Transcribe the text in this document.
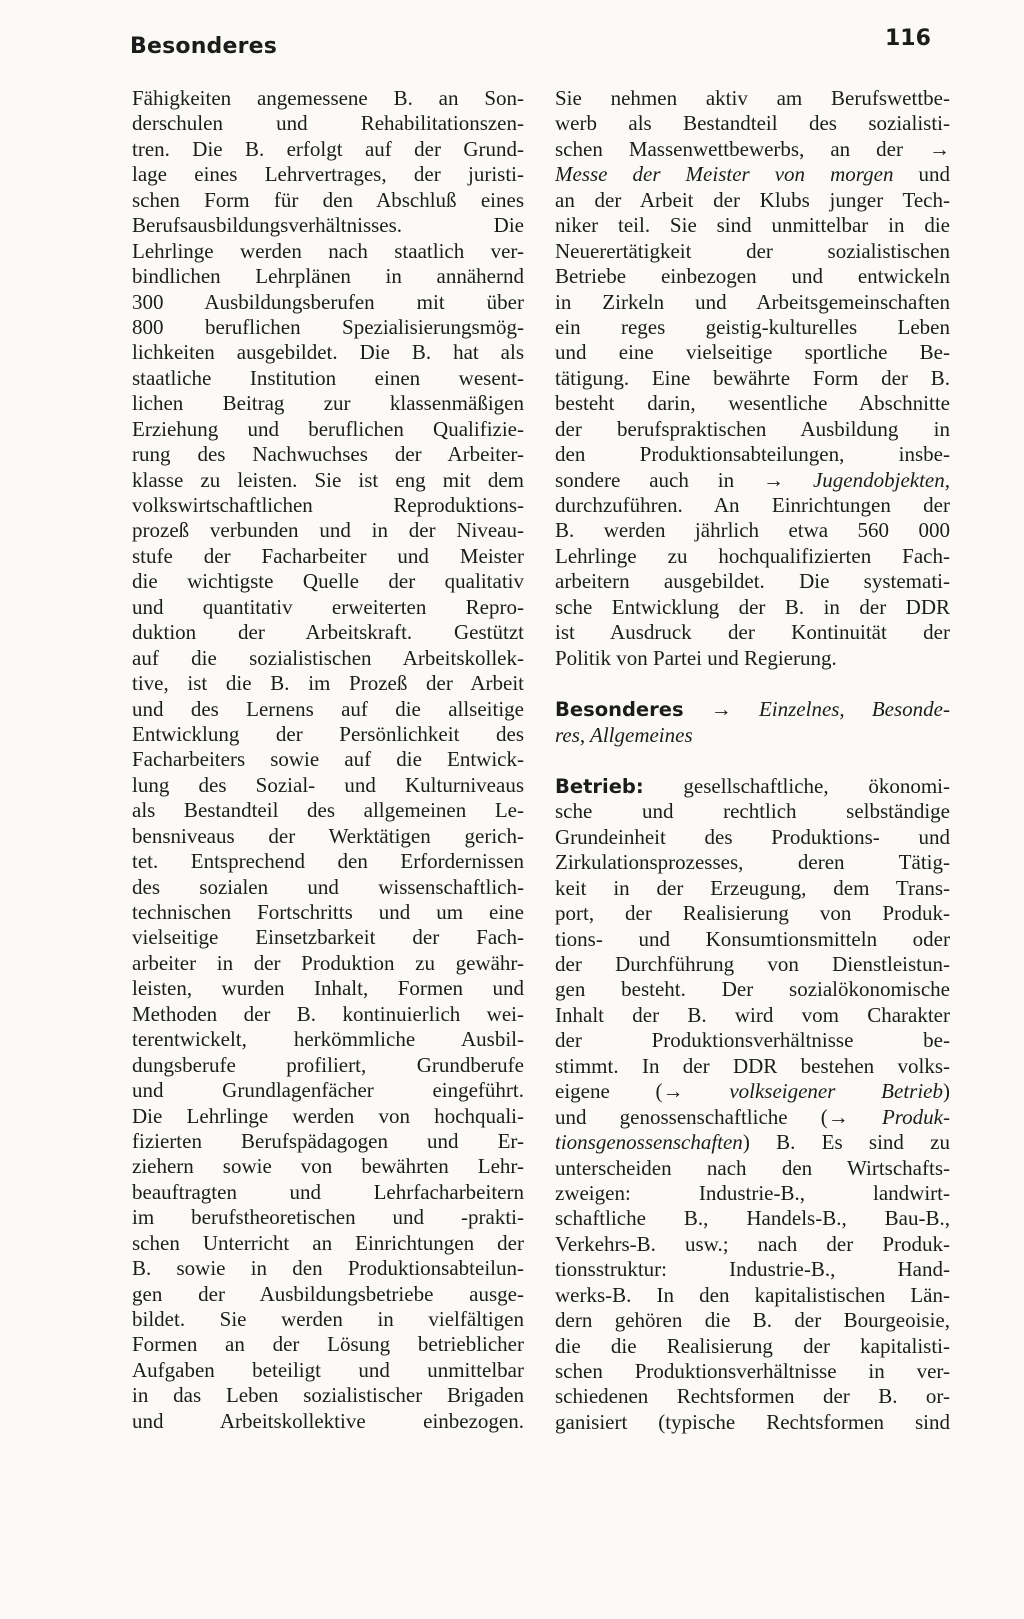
Besonderes	116
Fähigkeiten angemessene B. an Son-
derschulen und Rehabilitationszen-
tren. Die B. erfolgt auf der Grund-
lage eines Lehrvertrages, der juristi-
schen Form für den Abschluß eines
Berufsausbildungsverhältnisses. Die
Lehrlinge werden nach staatlich ver-
bindlichen Lehrplänen in annähernd
300 Ausbildungsberufen mit über
800 beruflichen Spezialisierungsmög-
lichkeiten ausgebildet. Die B. hat als
staatliche Institution einen wesent-
lichen Beitrag zur klassenmäßigen
Erziehung und beruflichen Qualifizie-
rung des Nachwuchses der Arbeiter-
klasse zu leisten. Sie ist eng mit dem
volkswirtschaftlichen Reproduktions-
prozeß verbunden und in der Niveau-
stufe der Facharbeiter und Meister
die wichtigste Quelle der qualitativ
und quantitativ erweiterten Repro-
duktion der Arbeitskraft. Gestützt
auf die sozialistischen Arbeitskollek-
tive, ist die B. im Prozeß der Arbeit
und des Lernens auf die allseitige
Entwicklung der Persönlichkeit des
Facharbeiters sowie auf die Entwick-
lung des Sozial- und Kulturniveaus
als Bestandteil des allgemeinen Le-
bensniveaus der Werktätigen gerich-
tet. Entsprechend den Erfordernissen
des sozialen und wissenschaftlich-
technischen Fortschritts und um eine
vielseitige Einsetzbarkeit der Fach-
arbeiter in der Produktion zu gewähr-
leisten, wurden Inhalt, Formen und
Methoden der B. kontinuierlich wei-
terentwickelt, herkömmliche Ausbil-
dungsberufe profiliert, Grundberufe
und Grundlagenfächer eingeführt.
Die Lehrlinge werden von hochquali-
fizierten Berufspädagogen und Er-
ziehern sowie von bewährten Lehr-
beauftragten und Lehrfacharbeitern
im berufstheoretischen und -prakti-
schen Unterricht an Einrichtungen der
B. sowie in den Produktionsabteilun-
gen der Ausbildungsbetriebe ausge-
bildet. Sie werden in vielfältigen
Formen an der Lösung betrieblicher
Aufgaben beteiligt und unmittelbar
in das Leben sozialistischer Brigaden
und Arbeitskollektive einbezogen.
Sie nehmen aktiv am Berufswettbe-
werb als Bestandteil des sozialisti-
schen Massenwettbewerbs, an der →
Messe der Meister von morgen und
an der Arbeit der Klubs junger Tech-
niker teil. Sie sind unmittelbar in die
Neuerertätigkeit der sozialistischen
Betriebe einbezogen und entwickeln
in Zirkeln und Arbeitsgemeinschaften
ein reges geistig-kulturelles Leben
und eine vielseitige sportliche Be-
tätigung. Eine bewährte Form der B.
besteht darin, wesentliche Abschnitte
der berufspraktischen Ausbildung in
den Produktionsabteilungen, insbe-
sondere auch in → Jugendobjekten,
durchzuführen. An Einrichtungen der
B. werden jährlich etwa 560 000
Lehrlinge zu hochqualifizierten Fach-
arbeitern ausgebildet. Die systemati-
sche Entwicklung der B. in der DDR
ist Ausdruck der Kontinuität der
Politik von Partei und Regierung.
Besonderes → Einzelnes, Besonde-
res, Allgemeines
Betrieb: gesellschaftliche, ökonomi-
sche und rechtlich selbständige
Grundeinheit des Produktions- und
Zirkulationsprozesses, deren Tätig-
keit in der Erzeugung, dem Trans-
port, der Realisierung von Produk-
tions- und Konsumtionsmitteln oder
der Durchführung von Dienstleistun-
gen besteht. Der sozialökonomische
Inhalt der B. wird vom Charakter
der Produktionsverhältnisse be-
stimmt. In der DDR bestehen volks-
eigene (→ volkseigener Betrieb)
und genossenschaftliche (→ Produk-
tionsgenossenschaften) B. Es sind zu
unterscheiden nach den Wirtschafts-
zweigen: Industrie-B., landwirt-
schaftliche B., Handels-B., Bau-B.,
Verkehrs-B. usw.; nach der Produk-
tionsstruktur: Industrie-B., Hand-
werks-B. In den kapitalistischen Län-
dern gehören die B. der Bourgeoisie,
die die Realisierung der kapitalisti-
schen Produktionsverhältnisse in ver-
schiedenen Rechtsformen der B. or-
ganisiert (typische Rechtsformen sind
